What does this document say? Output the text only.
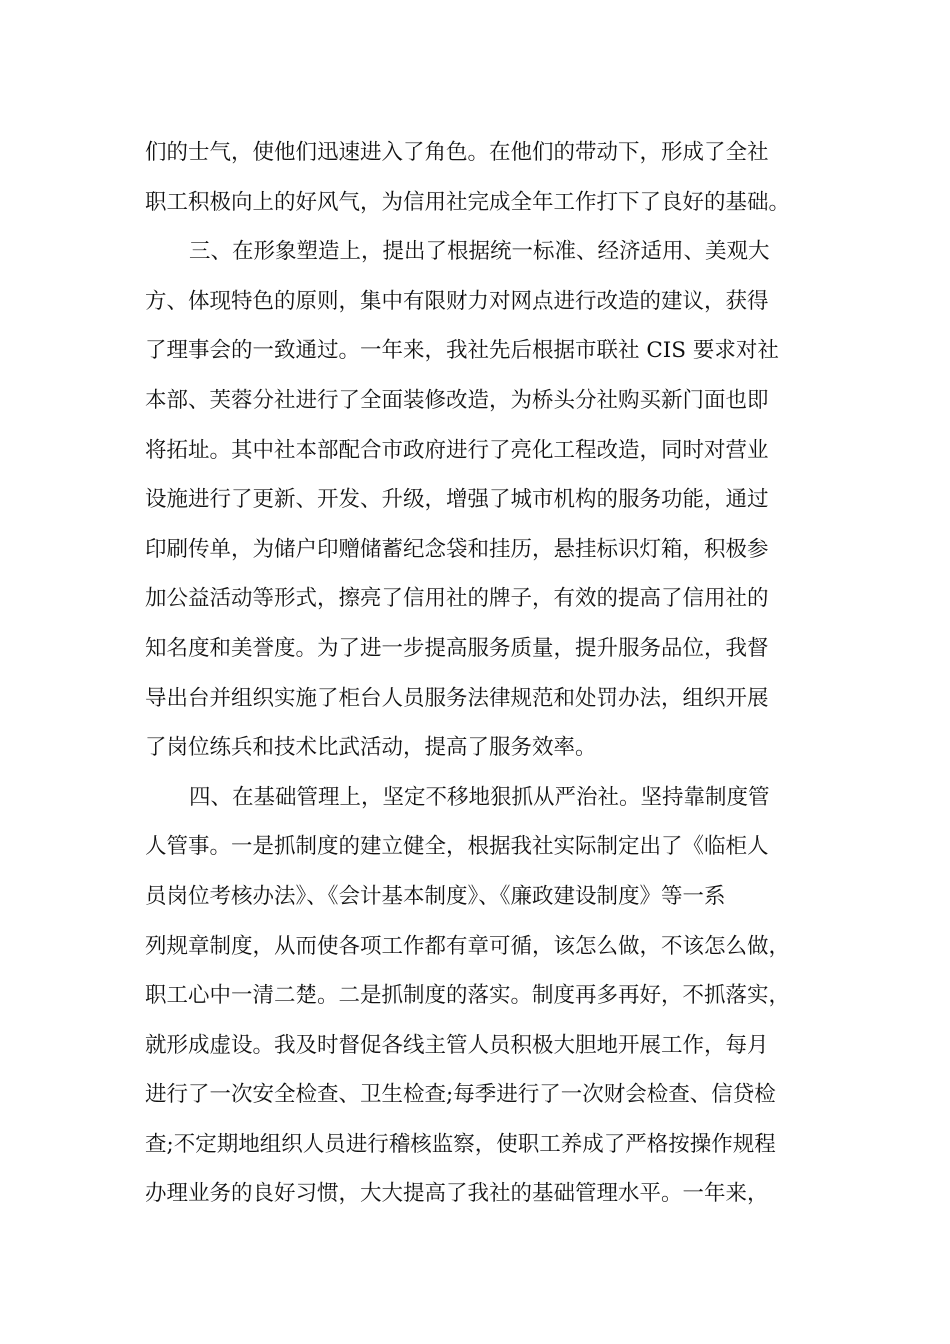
们的士气，使他们迅速进入了角色。在他们的带动下，形成了全社
职工积极向上的好风气，为信用社完成全年工作打下了良好的基础。
三、在形象塑造上，提出了根据统一标准、经济适用、美观大
方、体现特色的原则，集中有限财力对网点进行改造的建议，获得
了理事会的一致通过。一年来，我社先后根据市联社 CIS 要求对社
本部、芙蓉分社进行了全面装修改造，为桥头分社购买新门面也即
将拓址。其中社本部配合市政府进行了亮化工程改造，同时对营业
设施进行了更新、开发、升级，增强了城市机构的服务功能，通过
印刷传单，为储户印赠储蓄纪念袋和挂历，悬挂标识灯箱，积极参
加公益活动等形式，擦亮了信用社的牌子，有效的提高了信用社的
知名度和美誉度。为了进一步提高服务质量，提升服务品位，我督
导出台并组织实施了柜台人员服务法律规范和处罚办法，组织开展
了岗位练兵和技术比武活动，提高了服务效率。
四、在基础管理上，坚定不移地狠抓从严治社。坚持靠制度管
人管事。一是抓制度的建立健全，根据我社实际制定出了《临柜人
员岗位考核办法》、《会计基本制度》、《廉政建设制度》等一系
列规章制度，从而使各项工作都有章可循，该怎么做，不该怎么做，
职工心中一清二楚。二是抓制度的落实。制度再多再好，不抓落实，
就形成虚设。我及时督促各线主管人员积极大胆地开展工作，每月
进行了一次安全检查、卫生检查;每季进行了一次财会检查、信贷检
查;不定期地组织人员进行稽核监察，使职工养成了严格按操作规程
办理业务的良好习惯，大大提高了我社的基础管理水平。一年来，
